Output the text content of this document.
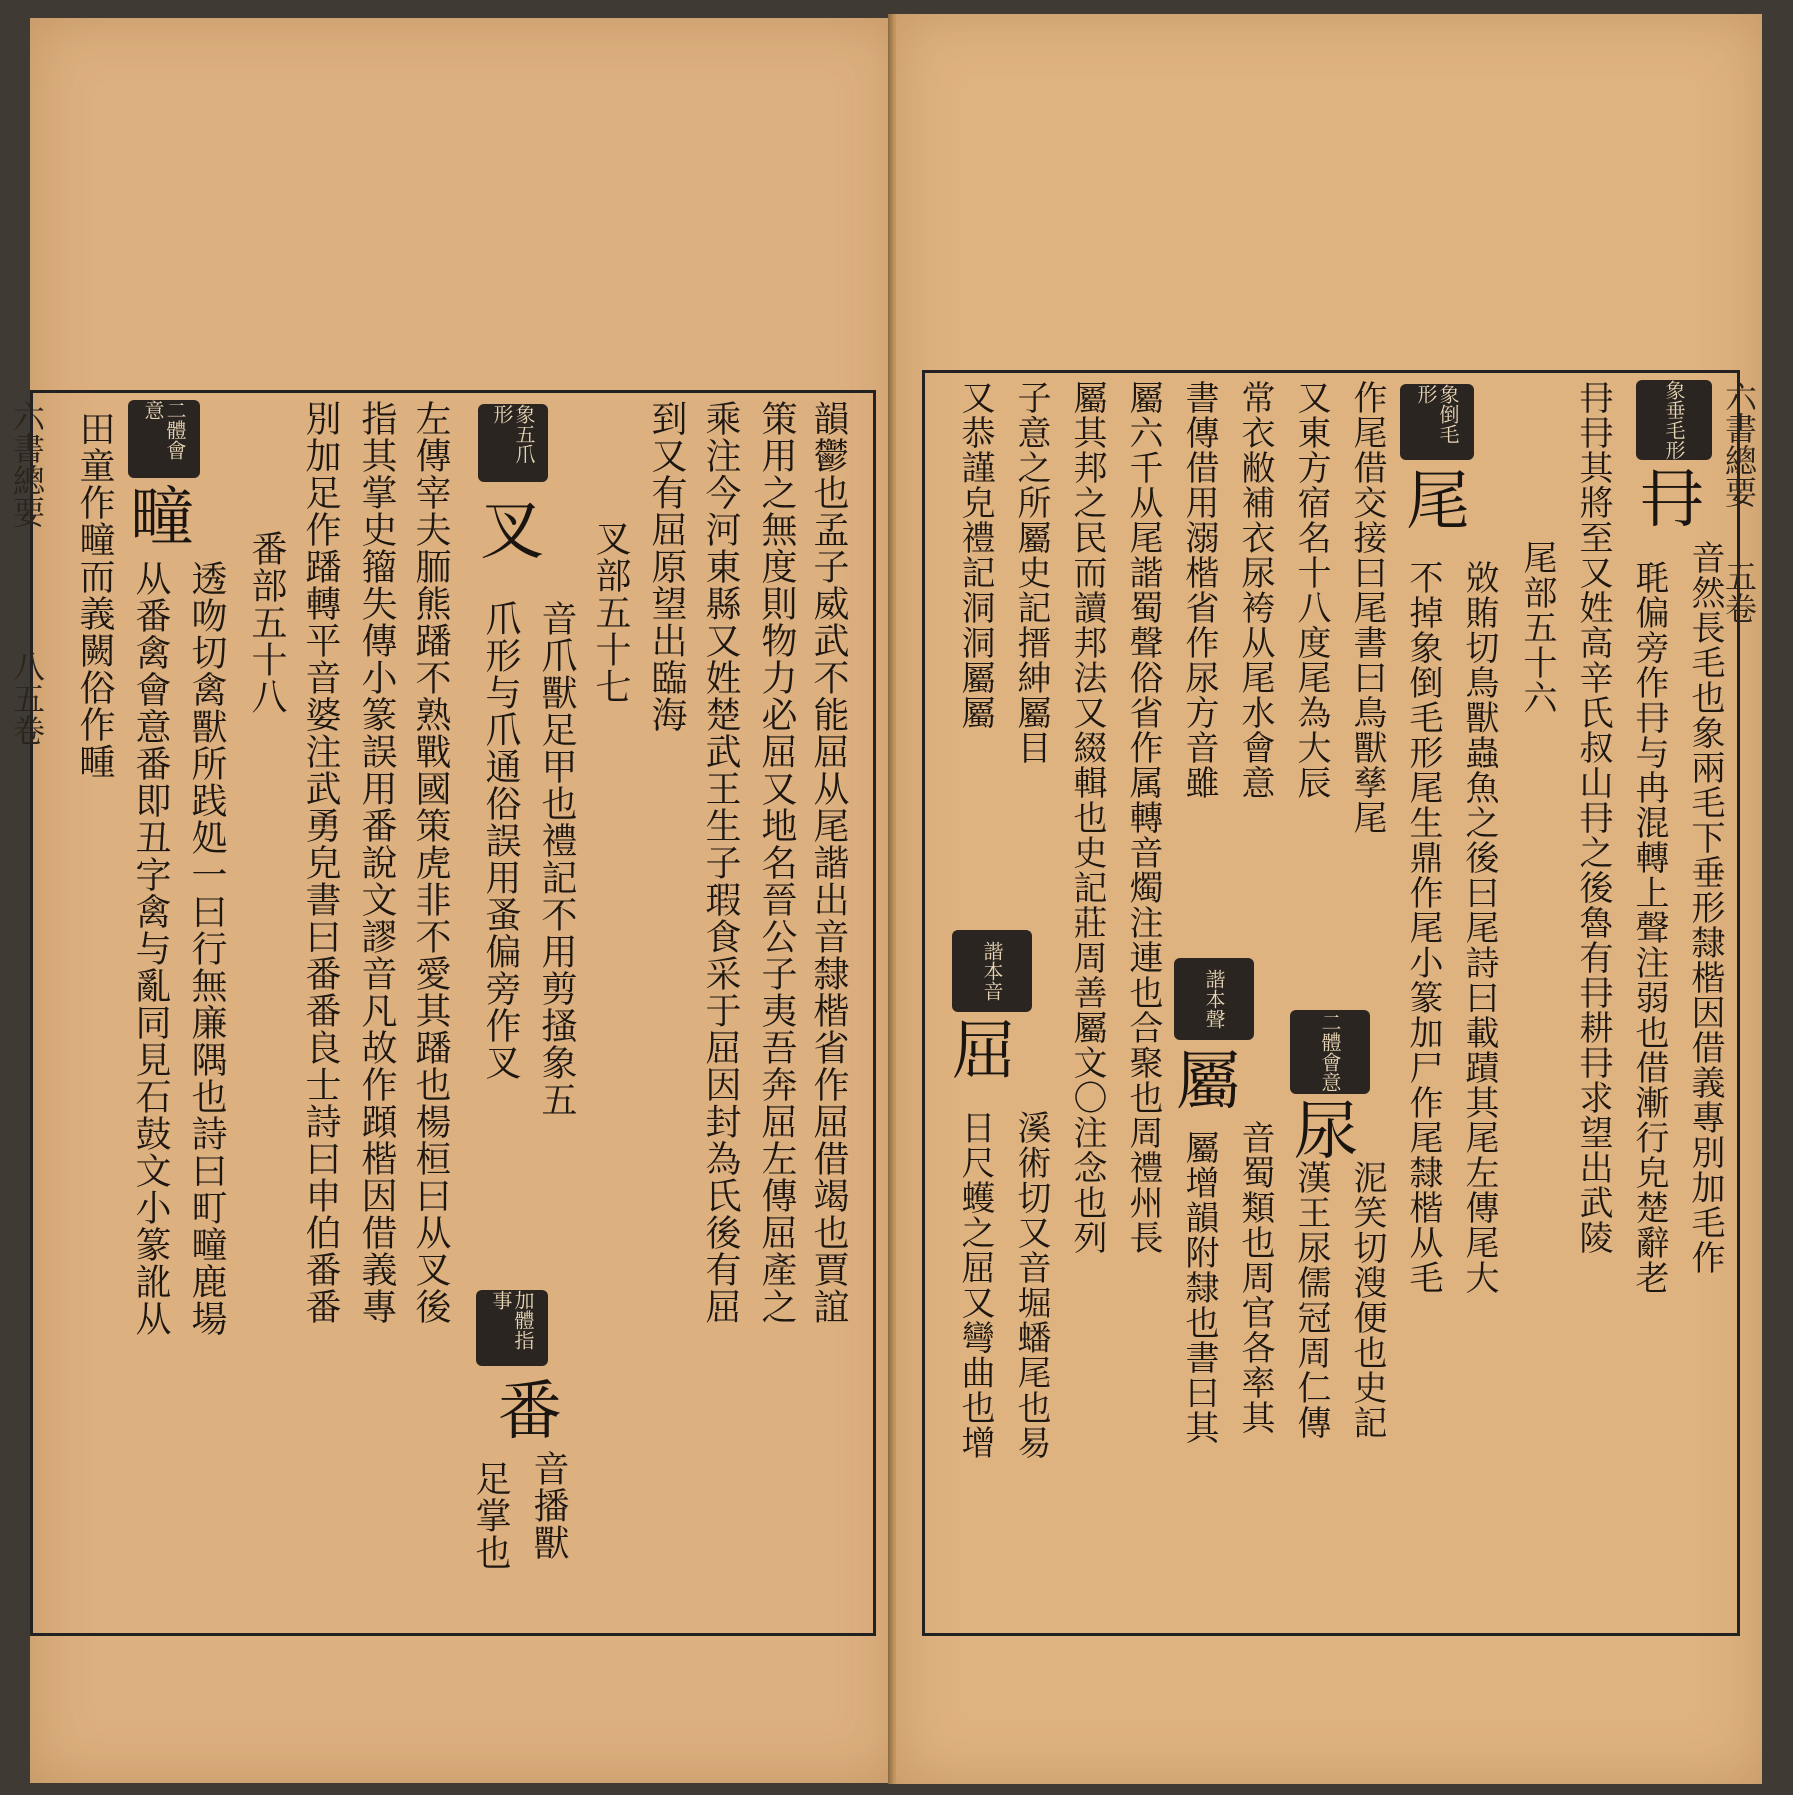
六書總要
八五卷
六書總要
五卷
韻鬱也孟子威武不能屈从尾諧出音隸楷省作屈借竭也賈誼
策用之無度則物力必屈又地名晉公子夷吾奔屈左傳屈產之
乘注今河東縣又姓楚武王生子瑕食采于屈因封為氏後有屈
到又有屈原望出臨海
叉部五十七
象五爪形
叉
音爪獸足甲也禮記不用剪搔象五
爪形与爪通俗誤用蚤偏旁作叉
加體指事
番
足掌也 音播獸
左傳宰夫胹熊蹯不熟戰國策虎非不愛其蹯也楊桓曰从叉後
指其掌史籀失傳小篆誤用番說文謬音凡故作蹞楷因借義專
別加足作蹯轉平音婆注武勇皃書曰番番良士詩曰申伯番番
番部五十八
二體會意
疃
透吻切禽獸所践処一曰行無廉隅也詩曰町疃鹿場
从番禽會意番即丑字禽与亂同見石鼓文小篆訛从
田童作疃而義闕俗作畽	象垂毛形
冄
音然長毛也象兩毛下垂形隸楷因借義專別加毛作
毦偏旁作冄与冉混轉上聲注弱也借漸行皃楚辭老
冄冄其將至又姓高辛氏叔山冄之後魯有冄耕冄求望出武陵
尾部五十六
象倒毛形
尾
敚賄切鳥獸蟲魚之後曰尾詩曰載蹟其尾左傳尾大
不掉象倒毛形尾生鼎作尾小篆加尸作尾隸楷从毛
作尾借交接曰尾書曰鳥獸孳尾
又東方宿名十八度尾為大辰
二體會意
尿
泥笑切溲便也史記
漢王尿儒冠周仁傳
常衣敝補衣尿袴从尾水會意
書傳借用溺楷省作尿方音雖
諧本聲
屬
音蜀類也周官各率其
屬增韻附隸也書曰其
屬六千从尾諧蜀聲俗省作属轉音燭注連也合聚也周禮州長
屬其邦之民而讀邦法又綴輯也史記莊周善屬文〇注念也列
子意之所屬史記搢紳屬目
諧本音
屈
溪術切又音堀蟠尾也易
日尺蠖之屈又彎曲也增
又恭謹皃禮記洞洞屬屬
